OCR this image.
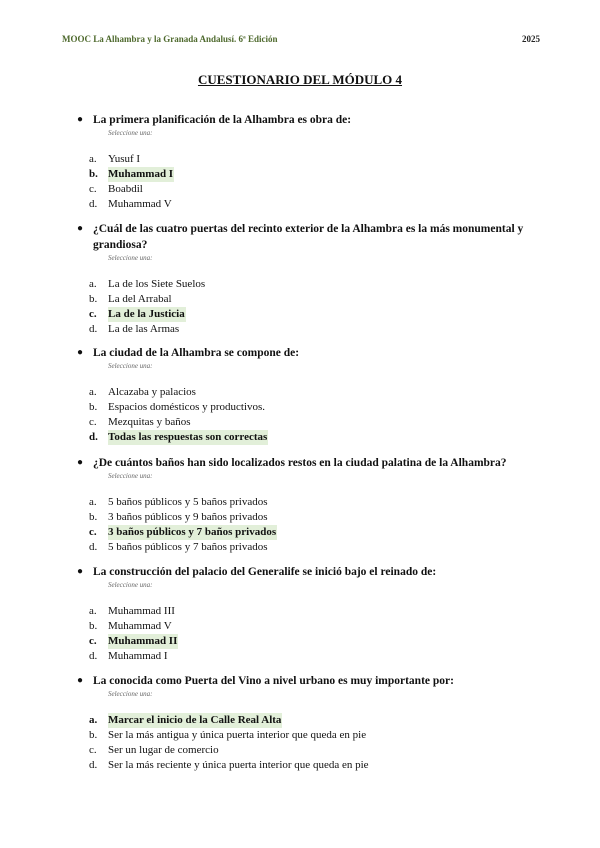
MOOC La Alhambra y la Granada Andalusí. 6ª Edición	2025
CUESTIONARIO DEL MÓDULO 4
● La primera planificación de la Alhambra es obra de:
Seleccione una:
a.	Yusuf I
b. Muhammad I
c.	Boabdil
d. Muhammad V
● ¿Cuál de las cuatro puertas del recinto exterior de la Alhambra es la más monumental y grandiosa?
Seleccione una:
a.	La de los Siete Suelos
b. La del Arrabal
c.	La de la Justicia
d. La de las Armas
● La ciudad de la Alhambra se compone de:
Seleccione una:
a.	Alcazaba y palacios
b. Espacios domésticos y productivos.
c.	Mezquitas y baños
d. Todas las respuestas son correctas
● ¿De cuántos baños han sido localizados restos en la ciudad palatina de la Alhambra?
Seleccione una:
a.	5 baños públicos y 5 baños privados
b. 3 baños públicos y 9 baños privados
c.	3 baños públicos y 7 baños privados
d. 5 baños públicos y 7 baños privados
● La construcción del palacio del Generalife se inició bajo el reinado de:
Seleccione una:
a.	Muhammad III
b. Muhammad V
c.	Muhammad II
d. Muhammad I
● La conocida como Puerta del Vino a nivel urbano es muy importante por:
Seleccione una:
a. Marcar el inicio de la Calle Real Alta
b. Ser la más antigua y única puerta interior que queda en pie
c.	Ser un lugar de comercio
d. Ser la más reciente y única puerta interior que queda en pie
